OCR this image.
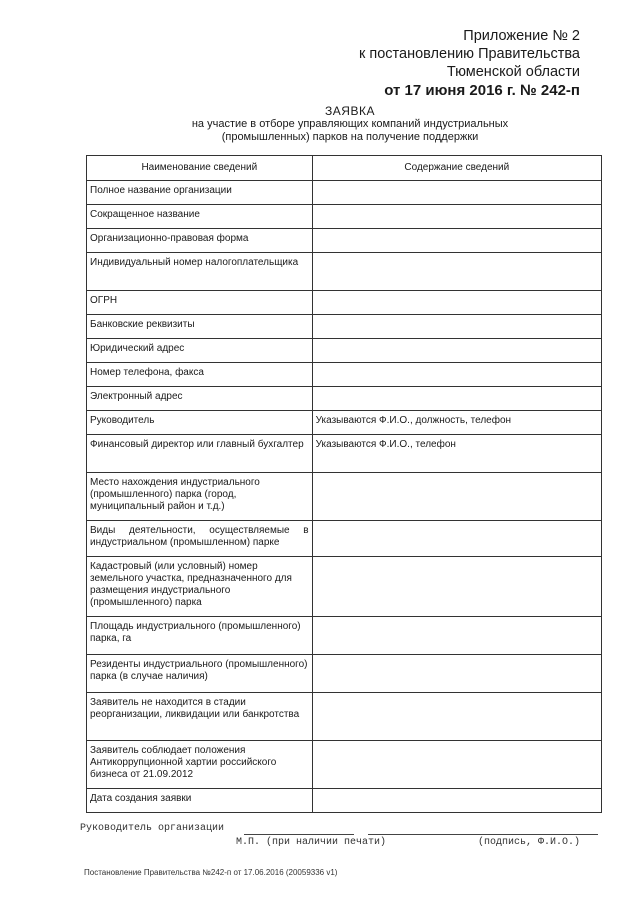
Приложение № 2
к постановлению Правительства
Тюменской области
от 17 июня 2016 г. № 242-п
ЗАЯВКА
на участие в отборе управляющих компаний индустриальных
(промышленных) парков на получение поддержки
Наименование сведений	Содержание сведений
Полное название организации	
Сокращенное название	
Организационно-правовая форма	
Индивидуальный номер налогоплательщика	
ОГРН	
Банковские реквизиты	
Юридический адрес	
Номер телефона, факса	
Электронный адрес	
Руководитель	Указываются Ф.И.О., должность, телефон
Финансовый директор или главный бухгалтер	Указываются Ф.И.О., телефон
Место нахождения индустриального (промышленного) парка (город, муниципальный район и т.д.)	
Виды деятельности, осуществляемые в индустриальном (промышленном) парке	
Кадастровый (или условный) номер земельного участка, предназначенного для размещения индустриального (промышленного) парка	
Площадь индустриального (промышленного) парка, га	
Резиденты индустриального (промышленного) парка (в случае наличия)	
Заявитель не находится в стадии реорганизации, ликвидации или банкротства	
Заявитель соблюдает положения Антикоррупционной хартии российского бизнеса от 21.09.2012	
Дата создания заявки	
Руководитель организации
М.П. (при наличии печати)	(подпись, Ф.И.О.)
Постановление Правительства №242-п от 17.06.2016 (20059336 v1)
